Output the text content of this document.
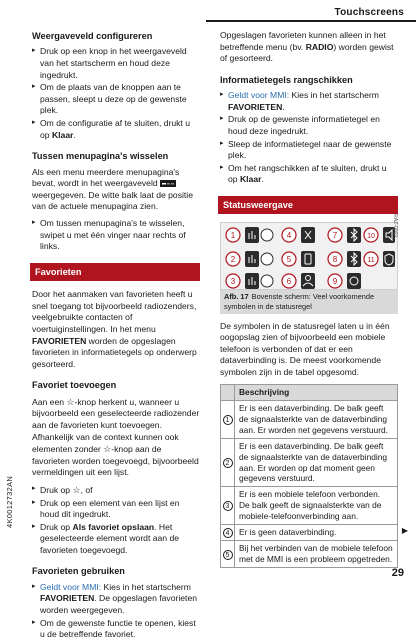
Touchscreens
Weergaveveld configureren
▸ Druk op een knop in het weergaveveld van het startscherm en houd deze ingedrukt.
▸ Om de plaats van de knoppen aan te passen, sleept u deze op de gewenste plek.
▸ Om de configuratie af te sluiten, drukt u op Klaar.
Tussen menupagina's wisselen

Als een menu meerdere menupagina's bevat, wordt in het weergaveveld  weergegeven. De witte balk laat de positie van de actuele menupagina zien.

▸ Om tussen menupagina's te wisselen, swipet u met één vinger naar rechts of links.
Favorieten

Door het aanmaken van favorieten heeft u snel toegang tot bijvoorbeeld radiozenders, veelgebruikte contacten of voertuiginstellingen. In het menu FAVORIETEN worden de opgeslagen favorieten in informatietegels op onderwerp gesorteerd.

Favoriet toevoegen

Aan een ☆-knop herkent u, wanneer u bijvoorbeeld een geselecteerde radiozender aan de favorieten kunt toevoegen. Afhankelijk van de context kunnen ook elementen zonder ☆-knop aan de favorieten worden toegevoegd, bijvoorbeeld vermeldingen uit een lijst.

▸ Druk op ☆, of
▸ Druk op een element van een lijst en houd dit ingedrukt.
▸ Druk op Als favoriet opslaan. Het geselecteerde element wordt aan de favorieten toegevoegd.
Favorieten gebruiken
▸ Geldt voor MMI: Kies in het startscherm FAVORIETEN. De opgeslagen favorieten worden weergegeven.
▸ Om de gewenste functie te openen, kiest u de betreffende favoriet.

Opgeslagen favorieten kunnen alleen in het betreffende menu (bv. RADIO) worden gewist of gesorteerd.

Informatietegels rangschikken
▸ Geldt voor MMI: Kies in het startscherm FAVORIETEN.
▸ Druk op de gewenste informatietegel en houd deze ingedrukt.
▸ Sleep de informatietegel naar de gewenste plek.
▸ Om het rangschikken af te sluiten, drukt u op Klaar.
Statusweergave
1	4	7	10
2	5	8	11
3	6	9
RAZ-0069
Afb. 17 Bovenste scherm: Veel voorkomende symbolen in de statusregel

De symbolen in de statusregel laten u in één oogopslag zien of bijvoorbeeld een mobiele telefoon is verbonden of dat er een dataverbinding is. De meest voorkomende symbolen zijn in de tabel opgesomd.

	Beschrijving
1	Er is een dataverbinding. De balk geeft de signaalsterkte van de dataverbinding aan. Er worden net gegevens verstuurd.
2	Er is een dataverbinding. De balk geeft de signaalsterkte van de dataverbinding aan. Er worden op dat moment geen gegevens verstuurd.
3	Er is een mobiele telefoon verbonden. De balk geeft de signaalsterkte van de mobiele-telefoonverbinding aan.
4	Er is geen dataverbinding.
5	Bij het verbinden van de mobiele telefoon met de MMI is een probleem opgetreden.
▶
4K0012732AN
29
